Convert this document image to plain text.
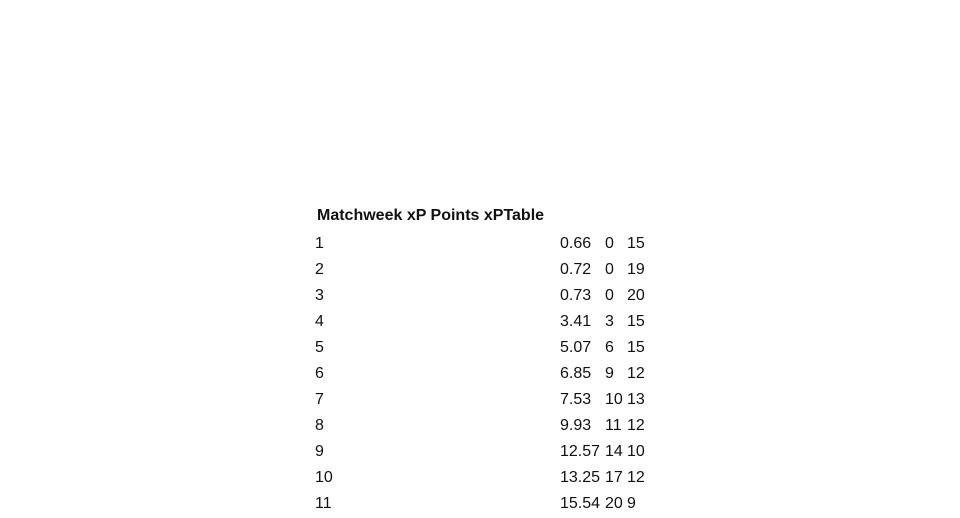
Matchweek xP Points xPTable
1	0.66 0 15
2	0.72 0 19
3	0.73 0 20
4	3.41 3 15
5	5.07 6 15
6	6.85 9 12
7	7.53 10 13
8	9.93 11 12
9	12.57 14 10
10	13.25 17 12
11	15.54 20 9
